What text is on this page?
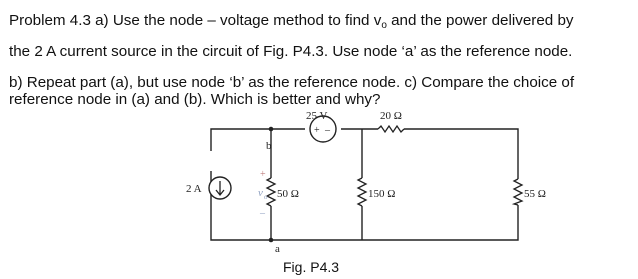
Problem 4.3 a) Use the node – voltage method to find vo and the power delivered by

the 2 A current source in the circuit of Fig. P4.3. Use node ‘a’ as the reference node.

b) Repeat part (a), but use node ‘b’ as the reference node. c) Compare the choice of

reference node in (a) and (b). Which is better and why?

+ –
25 V	20 Ω
50 Ω	150 Ω	55 Ω
2 A
b
a
+
v o
–
Fig. P4.3
